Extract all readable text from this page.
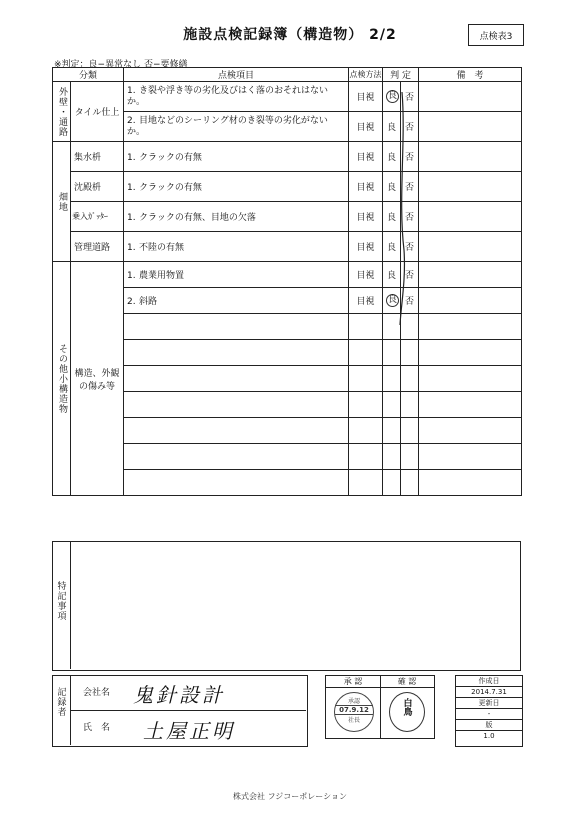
施設点検記録簿（構造物） 2/2	点検表3
※判定：良−異常なし 否−要修繕
分類		点検項目	点検方法	判 定		備　考

外壁・通路	タイル仕上	1. き裂や浮き等の劣化及びはく落のおそれはないか。	目視	良	否	
		2. 目地などのシーリング材のき裂等の劣化がないか。	目視	良	否	

畑地	集水枡	1. クラックの有無	目視	良	否	
	沈殿枡	1. クラックの有無	目視	良	否	
	乗入ｶﾞｯﾀｰ	1. クラックの有無、目地の欠落	目視	良	否	
	管理道路	1. 不陸の有無	目視	良	否	

その他小構造物	構造、外観の傷み等	1. 農業用物置	目視	良	否	
		2. 斜路	目視	良	否	

特記事項
記録者 会社名 鬼針設計
氏　名 土屋正明
承 認	確 認
承認
07.9.12
社長
白鳥
作成日
2014.7.31
更新日
-
版
1.0
株式会社 フジコーポレーション
